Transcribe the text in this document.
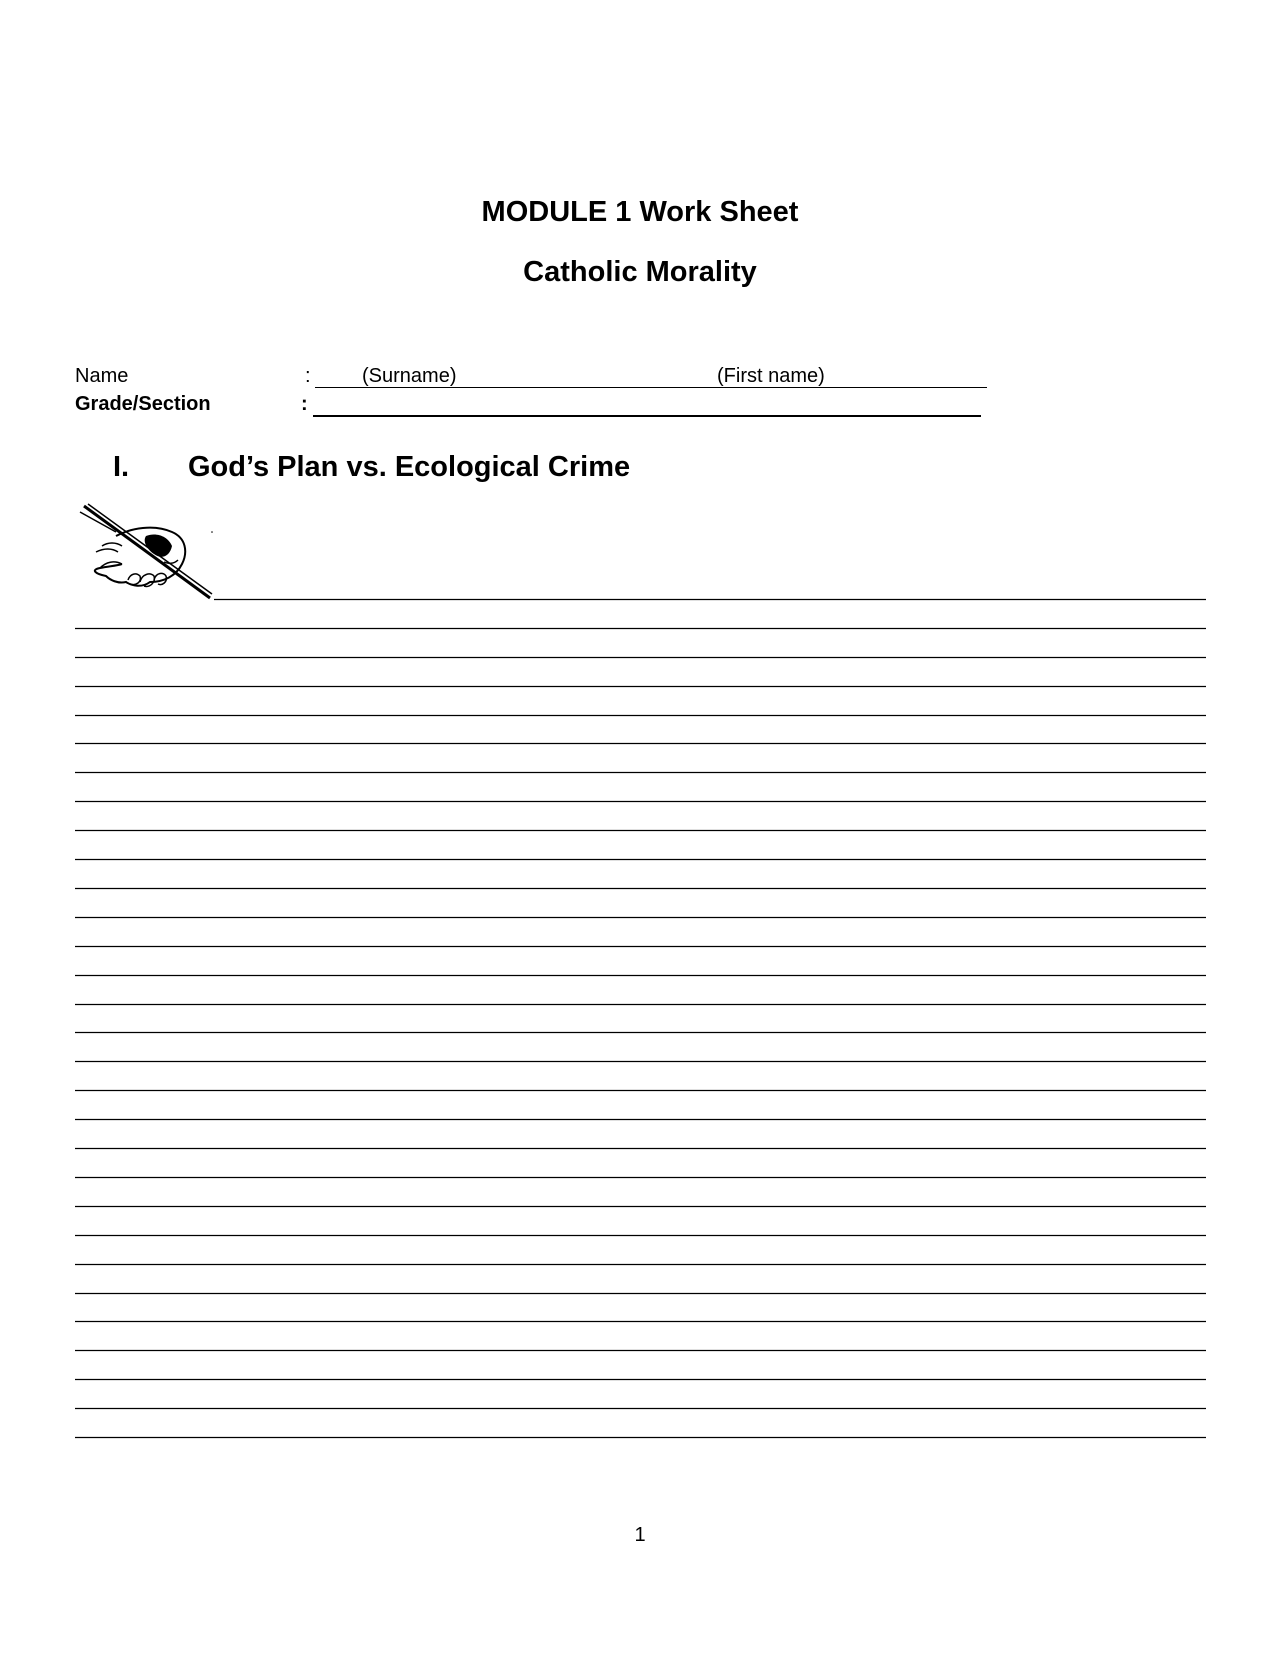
MODULE 1 Work Sheet
Catholic Morality
Name	:	(Surname)	(First name)
Grade/Section	:
I. God’s Plan vs. Ecological Crime
1
